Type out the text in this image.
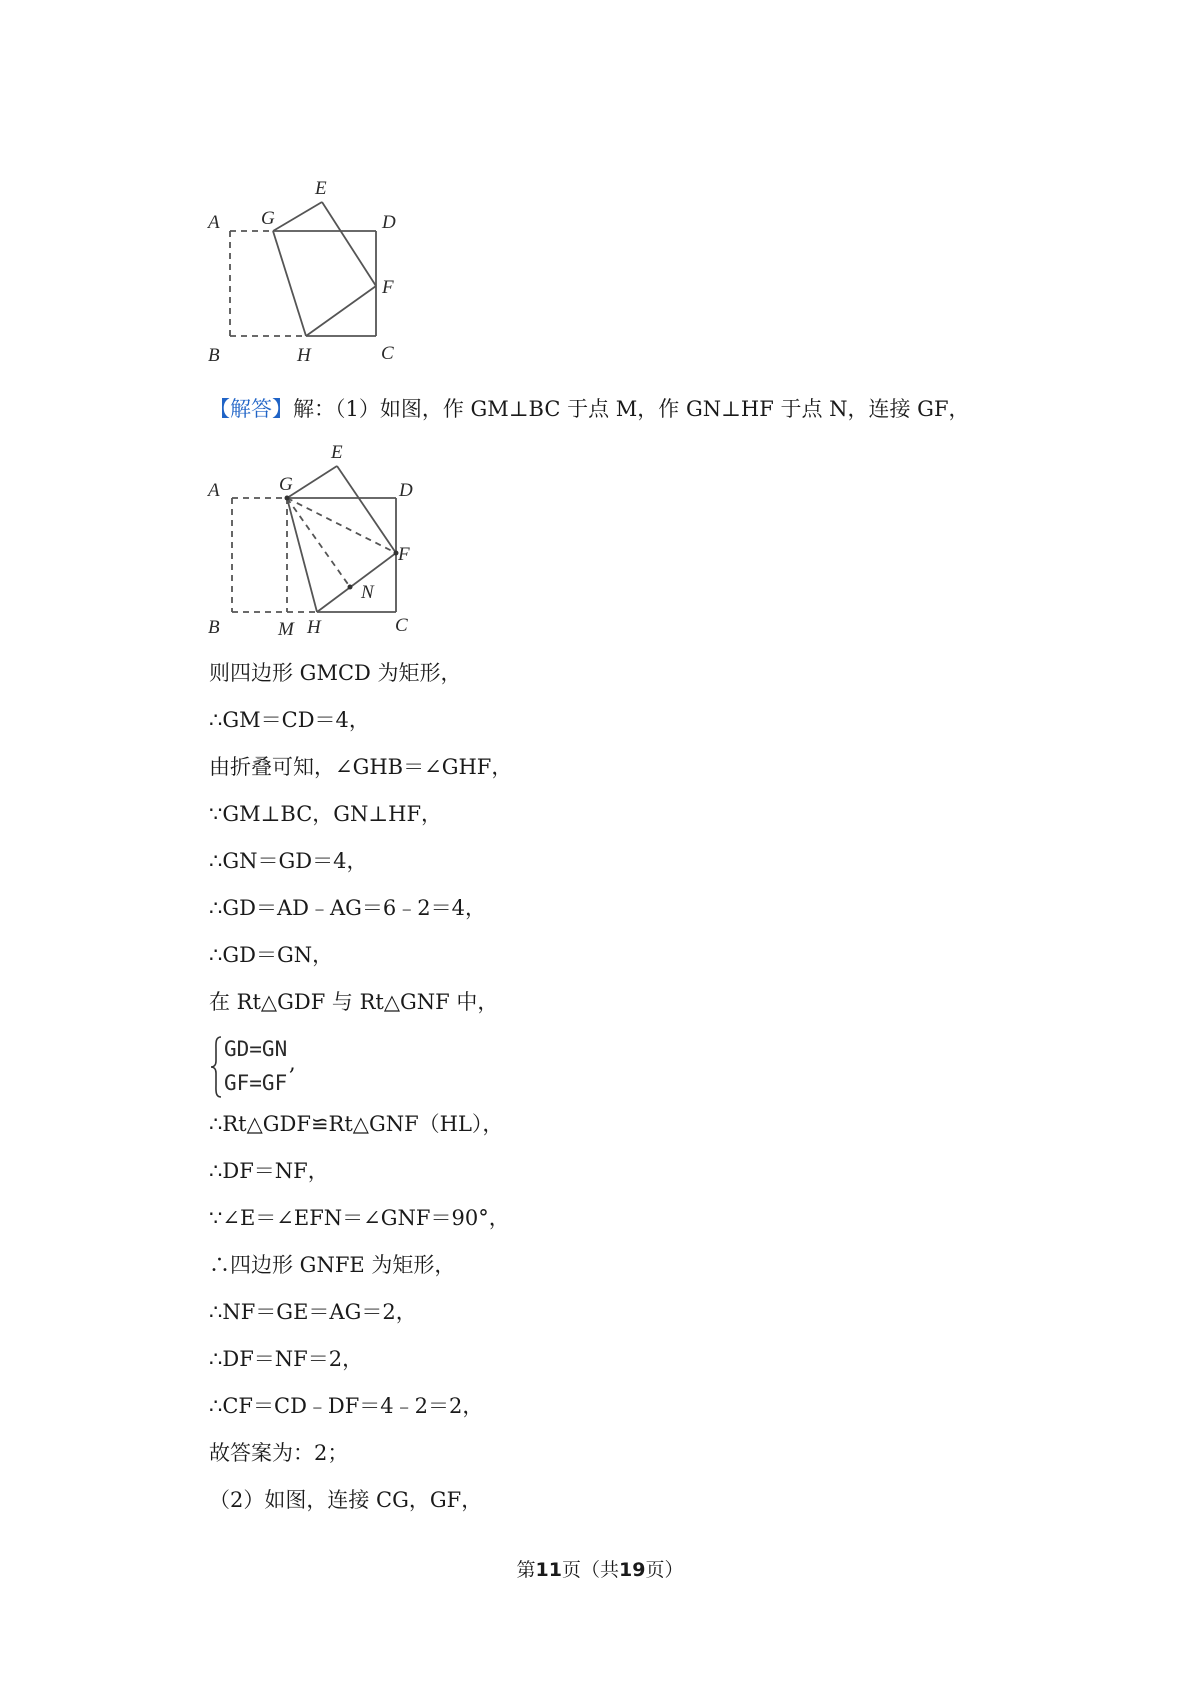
A G
E
D
F
B	H	C
【解答】解：（1）如图，作 GM⊥BC 于点 M，作 GN⊥HF 于点 N，连接 GF，
A	G
E
D
F
N
B	M H	C
则四边形 GMCD 为矩形，
∴GM＝CD＝4，
由折叠可知，∠GHB＝∠GHF，
∵GM⊥BC，GN⊥HF，
∴GN＝GD＝4，
∴GD＝AD﹣AG＝6﹣2＝4，
∴GD＝GN，
在 Rt△GDF 与 Rt△GNF 中，
GD=GN
GF=GF
,
∴Rt△GDF≌Rt△GNF（HL），
∴DF＝NF，
∵∠E＝∠EFN＝∠GNF＝90°，
∴四边形 GNFE 为矩形，
∴NF＝GE＝AG＝2，
∴DF＝NF＝2，
∴CF＝CD﹣DF＝4﹣2＝2，
故答案为：2；
（2）如图，连接 CG，GF，
第11页（共19页）
